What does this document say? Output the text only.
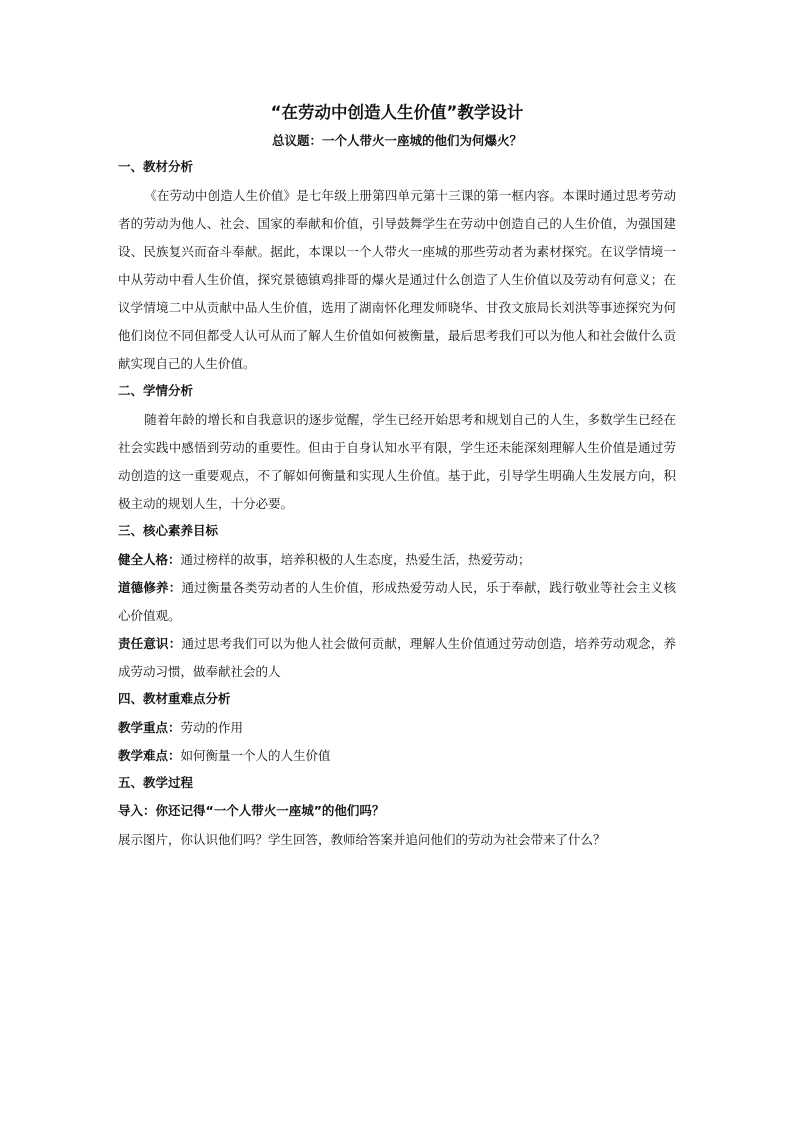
“在劳动中创造人生价值”教学设计
总议题：一个人带火一座城的他们为何爆火？
一、教材分析

《在劳动中创造人生价值》是七年级上册第四单元第十三课的第一框内容。本课时通过思考劳动者的劳动为他人、社会、国家的奉献和价值，引导鼓舞学生在劳动中创造自己的人生价值，为强国建设、民族复兴而奋斗奉献。据此，本课以一个人带火一座城的那些劳动者为素材探究。在议学情境一中从劳动中看人生价值，探究景德镇鸡排哥的爆火是通过什么创造了人生价值以及劳动有何意义；在议学情境二中从贡献中品人生价值，选用了湖南怀化理发师晓华、甘孜文旅局长刘洪等事迹探究为何他们岗位不同但都受人认可从而了解人生价值如何被衡量，最后思考我们可以为他人和社会做什么贡献实现自己的人生价值。

二、学情分析

随着年龄的增长和自我意识的逐步觉醒，学生已经开始思考和规划自己的人生，多数学生已经在社会实践中感悟到劳动的重要性。但由于自身认知水平有限，学生还未能深刻理解人生价值是通过劳动创造的这一重要观点，不了解如何衡量和实现人生价值。基于此，引导学生明确人生发展方向，积极主动的规划人生，十分必要。

三、核心素养目标

健全人格：通过榜样的故事，培养积极的人生态度，热爱生活，热爱劳动；

道德修养：通过衡量各类劳动者的人生价值，形成热爱劳动人民，乐于奉献，践行敬业等社会主义核心价值观。

责任意识：通过思考我们可以为他人社会做何贡献，理解人生价值通过劳动创造，培养劳动观念，养成劳动习惯，做奉献社会的人

四、教材重难点分析

教学重点：劳动的作用

教学难点：如何衡量一个人的人生价值

五、教学过程
导入：你还记得“一个人带火一座城”的他们吗？

展示图片，你认识他们吗？学生回答，教师给答案并追问他们的劳动为社会带来了什么？
